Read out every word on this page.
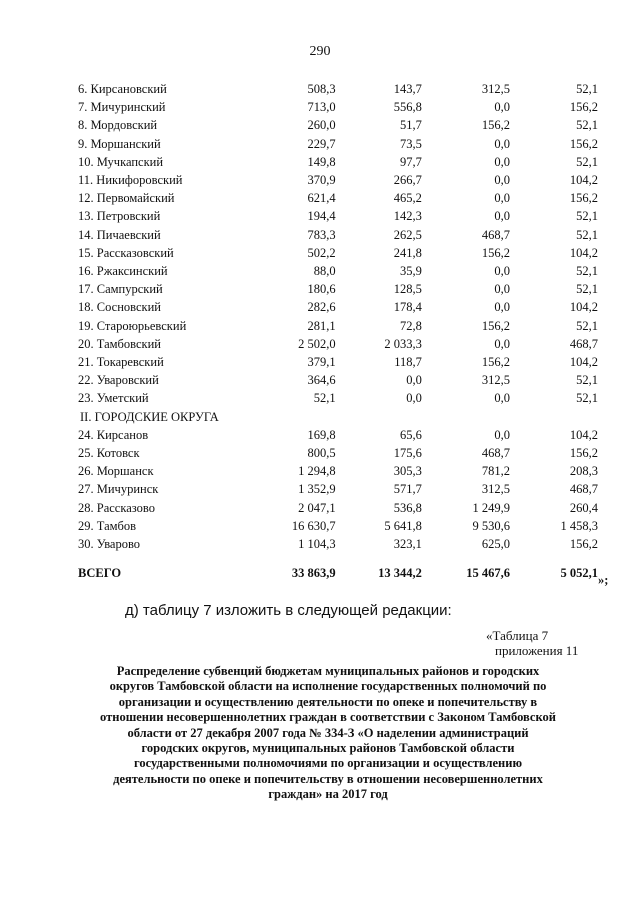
290
6. Кирсановский	508,3	143,7	312,5	52,1
7. Мичуринский	713,0	556,8	0,0	156,2
8. Мордовский	260,0	51,7	156,2	52,1
9. Моршанский	229,7	73,5	0,0	156,2
10. Мучкапский	149,8	97,7	0,0	52,1
11. Никифоровский	370,9	266,7	0,0	104,2
12. Первомайский	621,4	465,2	0,0	156,2
13. Петровский	194,4	142,3	0,0	52,1
14. Пичаевский	783,3	262,5	468,7	52,1
15. Рассказовский	502,2	241,8	156,2	104,2
16. Ржаксинский	88,0	35,9	0,0	52,1
17. Сампурский	180,6	128,5	0,0	52,1
18. Сосновский	282,6	178,4	0,0	104,2
19. Староюрьевский	281,1	72,8	156,2	52,1
20. Тамбовский	2 502,0	2 033,3	0,0	468,7
21. Токаревский	379,1	118,7	156,2	104,2
22. Уваровский	364,6	0,0	312,5	52,1
23. Уметский	52,1	0,0	0,0	52,1
II. ГОРОДСКИЕ ОКРУГА				
24. Кирсанов	169,8	65,6	0,0	104,2
25. Котовск	800,5	175,6	468,7	156,2
26. Моршанск	1 294,8	305,3	781,2	208,3
27. Мичуринск	1 352,9	571,7	312,5	468,7
28. Рассказово	2 047,1	536,8	1 249,9	260,4
29. Тамбов	16 630,7	5 641,8	9 530,6	1 458,3
30. Уварово	1 104,3	323,1	625,0	156,2
ВСЕГО	33 863,9	13 344,2	15 467,6	5 052,1 »;
д) таблицу 7 изложить в следующей редакции:
«Таблица 7
приложения 11
Распределение субвенций бюджетам муниципальных районов и городских округов Тамбовской области на исполнение государственных полномочий по организации и осуществлению деятельности по опеке и попечительству в отношении несовершеннолетних граждан в соответствии с Законом Тамбовской области от 27 декабря 2007 года № 334-З «О наделении администраций городских округов, муниципальных районов Тамбовской области государственными полномочиями по организации и осуществлению деятельности по опеке и попечительству в отношении несовершеннолетних граждан» на 2017 год
